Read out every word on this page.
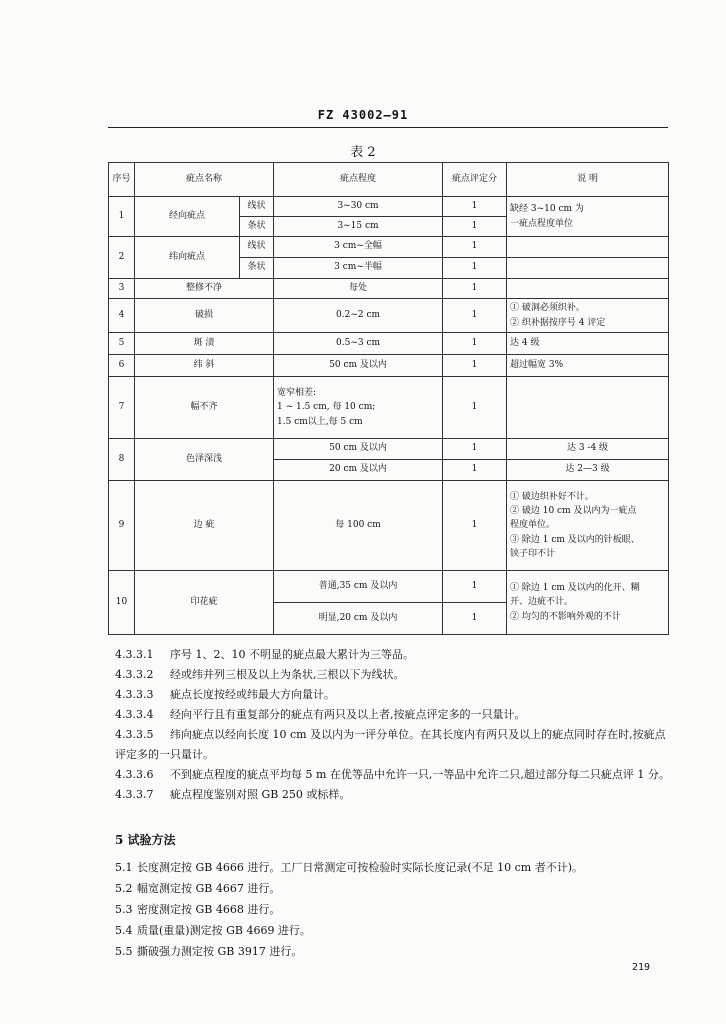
FZ 43002—91
表 2
序号	疵点名称		疵点程度	疵点评定分	说 明
1	经向疵点	线状	3~30 cm	1	缺经 3~10 cm 为
一疵点程度单位

		条状	3~15 cm	1	
2	纬向疵点	线状	3 cm~全幅	1	
		条状	3 cm~半幅	1	
3	整修不净		每处	1	
4	破损		0.2~2 cm	1	① 破洞必须织补。
② 织补据按序号 4 评定

5	斑 渍		0.5~3 cm	1	达 4 级
6	纬 斜		50 cm 及以内	1	超过幅宽 3%
7	幅不齐		宽窄相差:
1 ~ 1.5 cm, 每 10 cm;
1.5 cm以上,每 5 cm	1	
8	色泽深浅		50 cm 及以内	1	达 3 -4 级
			20 cm 及以内	1	达 2—3 级
9	边 疵		每 100 cm	1	① 破边织补好不计。
② 破边 10 cm 及以内为一疵点
程度单位。
③ 除边 1 cm 及以内的针板眼、
铗子印不计

10	印花疵		普通,35 cm 及以内	1	① 除边 1 cm 及以内的化开、糊
开、边疵不计。
② 均匀的不影响外观的不计

			明显,20 cm 及以内	1	
4.3.3.1 序号 1、2、10 不明显的疵点最大累计为三等品。
4.3.3.2 经或纬并列三根及以上为条状,三根以下为线状。
4.3.3.3 疵点长度按经或纬最大方向量计。
4.3.3.4 经向平行且有重复部分的疵点有两只及以上者,按疵点评定多的一只量计。
4.3.3.5 纬向疵点以经向长度 10 cm 及以内为一评分单位。在其长度内有两只及以上的疵点同时存在时,按疵点评定多的一只量计。
4.3.3.6 不到疵点程度的疵点平均每 5 m 在优等品中允许一只,一等品中允许二只,超过部分每二只疵点评 1 分。
4.3.3.7 疵点程度鉴别对照 GB 250 或标样。
5 试验方法
5.1 长度测定按 GB 4666 进行。工厂日常测定可按检验时实际长度记录(不足 10 cm 者不计)。
5.2 幅宽测定按 GB 4667 进行。
5.3 密度测定按 GB 4668 进行。
5.4 质量(重量)测定按 GB 4669 进行。
5.5 撕破强力测定按 GB 3917 进行。
219
